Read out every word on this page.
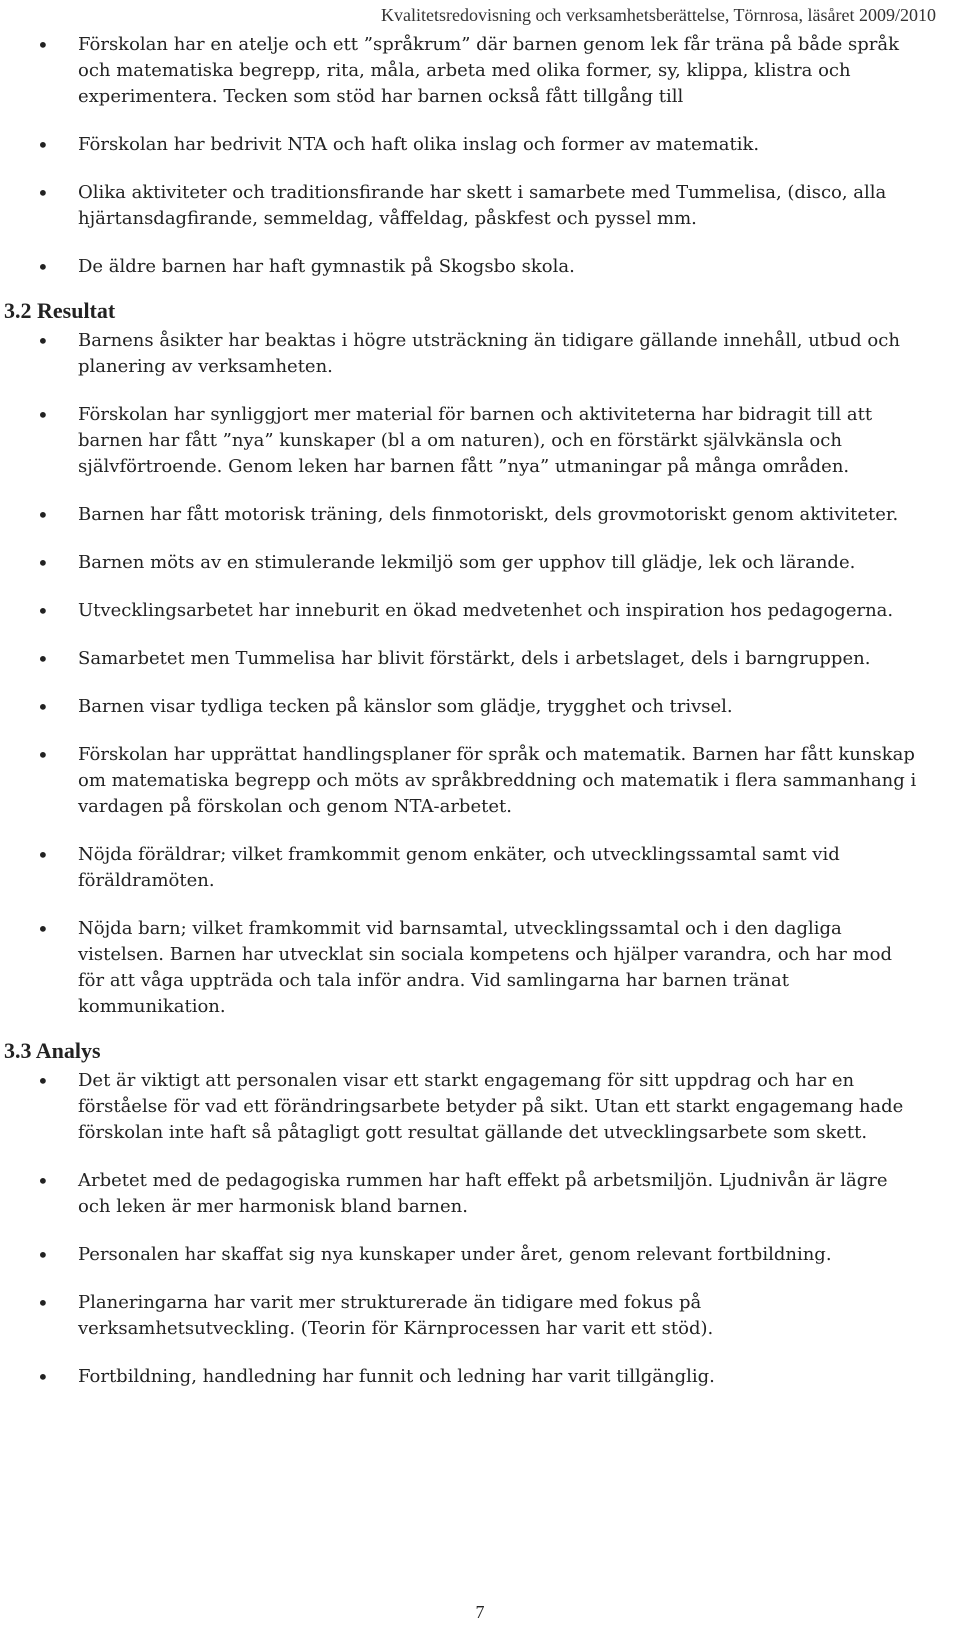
Kvalitetsredovisning och verksamhetsberättelse, Törnrosa, läsåret 2009/2010
• Förskolan har en atelje och ett ”språkrum” där barnen genom lek får träna på både språk och matematiska begrepp, rita, måla, arbeta med olika former, sy, klippa, klistra och experimentera. Tecken som stöd har barnen också fått tillgång till
• Förskolan har bedrivit NTA och haft olika inslag och former av matematik.
• Olika aktiviteter och traditionsfirande har skett i samarbete med Tummelisa, (disco, alla hjärtansdagfirande, semmeldag, våffeldag, påskfest och pyssel mm.
• De äldre barnen har haft gymnastik på Skogsbo skola.
3.2 Resultat
• Barnens åsikter har beaktas i högre utsträckning än tidigare gällande innehåll, utbud och planering av verksamheten.
• Förskolan har synliggjort mer material för barnen och aktiviteterna har bidragit till att barnen har fått ”nya” kunskaper (bl a om naturen), och en förstärkt självkänsla och självförtroende. Genom leken har barnen fått ”nya” utmaningar på många områden.
• Barnen har fått motorisk träning, dels finmotoriskt, dels grovmotoriskt genom aktiviteter.
• Barnen möts av en stimulerande lekmiljö som ger upphov till glädje, lek och lärande.
• Utvecklingsarbetet har inneburit en ökad medvetenhet och inspiration hos pedagogerna.
• Samarbetet men Tummelisa har blivit förstärkt, dels i arbetslaget, dels i barngruppen.
• Barnen visar tydliga tecken på känslor som glädje, trygghet och trivsel.
• Förskolan har upprättat handlingsplaner för språk och matematik. Barnen har fått kunskap om matematiska begrepp och möts av språkbreddning och matematik i flera sammanhang i vardagen på förskolan och genom NTA-arbetet.
• Nöjda föräldrar; vilket framkommit genom enkäter, och utvecklingssamtal samt vid föräldramöten.
• Nöjda barn; vilket framkommit vid barnsamtal, utvecklingssamtal och i den dagliga vistelsen. Barnen har utvecklat sin sociala kompetens och hjälper varandra, och har mod för att våga uppträda och tala inför andra. Vid samlingarna har barnen tränat kommunikation.
3.3 Analys
• Det är viktigt att personalen visar ett starkt engagemang för sitt uppdrag och har en förståelse för vad ett förändringsarbete betyder på sikt. Utan ett starkt engagemang hade förskolan inte haft så påtagligt gott resultat gällande det utvecklingsarbete som skett.
• Arbetet med de pedagogiska rummen har haft effekt på arbetsmiljön. Ljudnivån är lägre och leken är mer harmonisk bland barnen.
• Personalen har skaffat sig nya kunskaper under året, genom relevant fortbildning.
• Planeringarna har varit mer strukturerade än tidigare med fokus på verksamhetsutveckling. (Teorin för Kärnprocessen har varit ett stöd).
• Fortbildning, handledning har funnit och ledning har varit tillgänglig.
7
